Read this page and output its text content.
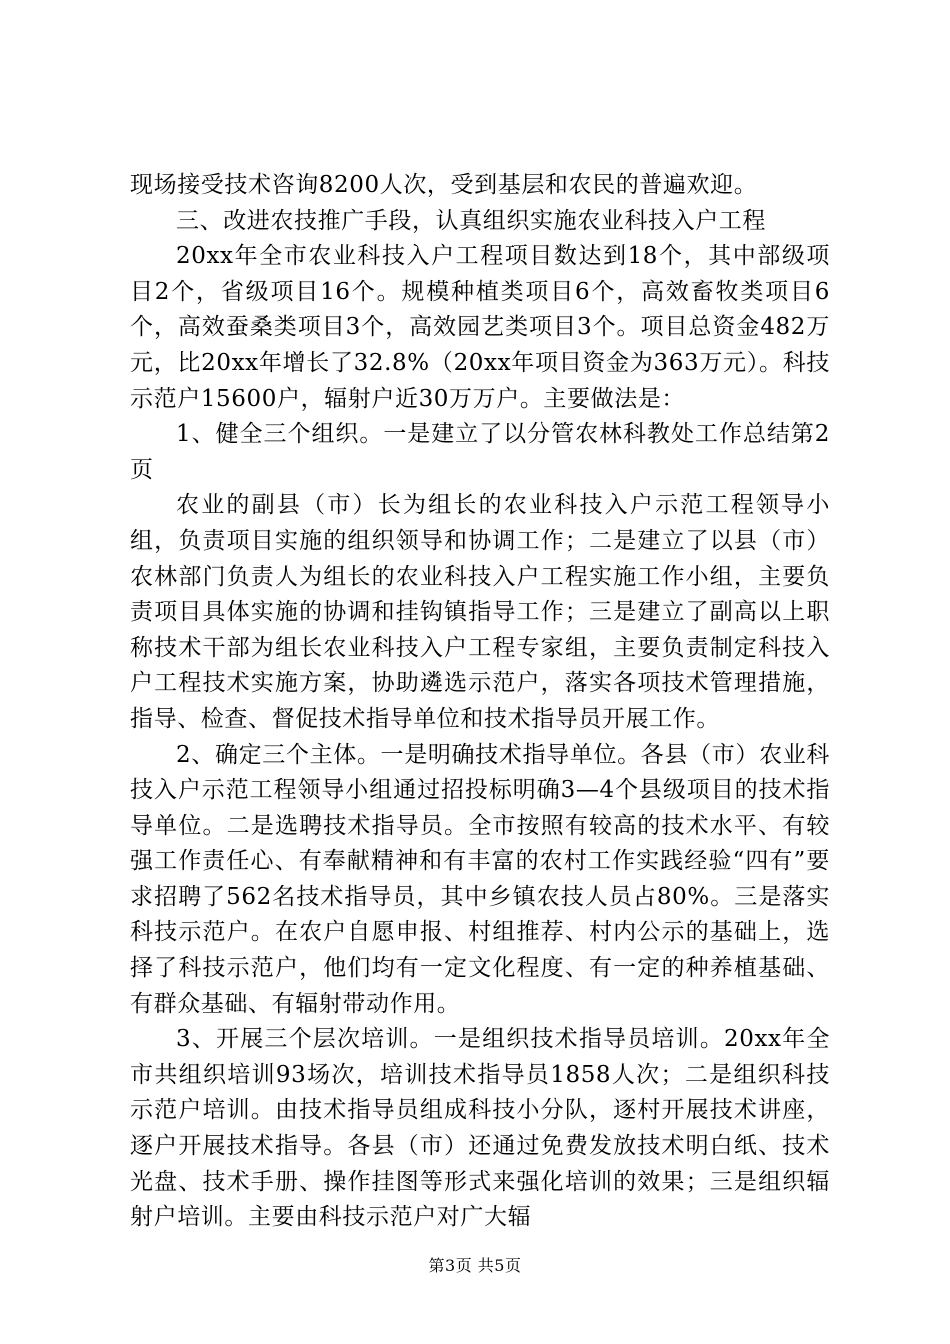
现场接受技术咨询8200人次，受到基层和农民的普遍欢迎。

三、改进农技推广手段，认真组织实施农业科技入户工程

20xx年全市农业科技入户工程项目数达到18个，其中部级项目2个，省级项目16个。规模种植类项目6个，高效畜牧类项目6个，高效蚕桑类项目3个，高效园艺类项目3个。项目总资金482万元，比20xx年增长了32.8%（20xx年项目资金为363万元）。科技示范户15600户，辐射户近30万万户。主要做法是：

1、健全三个组织。一是建立了以分管农林科教处工作总结第2页

农业的副县（市）长为组长的农业科技入户示范工程领导小组，负责项目实施的组织领导和协调工作；二是建立了以县（市）农林部门负责人为组长的农业科技入户工程实施工作小组，主要负责项目具体实施的协调和挂钩镇指导工作；三是建立了副高以上职称技术干部为组长农业科技入户工程专家组，主要负责制定科技入户工程技术实施方案，协助遴选示范户，落实各项技术管理措施，指导、检查、督促技术指导单位和技术指导员开展工作。

2、确定三个主体。一是明确技术指导单位。各县（市）农业科技入户示范工程领导小组通过招投标明确3—4个县级项目的技术指导单位。二是选聘技术指导员。全市按照有较高的技术水平、有较强工作责任心、有奉献精神和有丰富的农村工作实践经验“四有”要求招聘了562名技术指导员，其中乡镇农技人员占80%。三是落实科技示范户。在农户自愿申报、村组推荐、村内公示的基础上，选择了科技示范户，他们均有一定文化程度、有一定的种养植基础、有群众基础、有辐射带动作用。

3、开展三个层次培训。一是组织技术指导员培训。20xx年全市共组织培训93场次，培训技术指导员1858人次；二是组织科技示范户培训。由技术指导员组成科技小分队，逐村开展技术讲座，逐户开展技术指导。各县（市）还通过免费发放技术明白纸、技术光盘、技术手册、操作挂图等形式来强化培训的效果；三是组织辐射户培训。主要由科技示范户对广大辐

第3页 共5页
